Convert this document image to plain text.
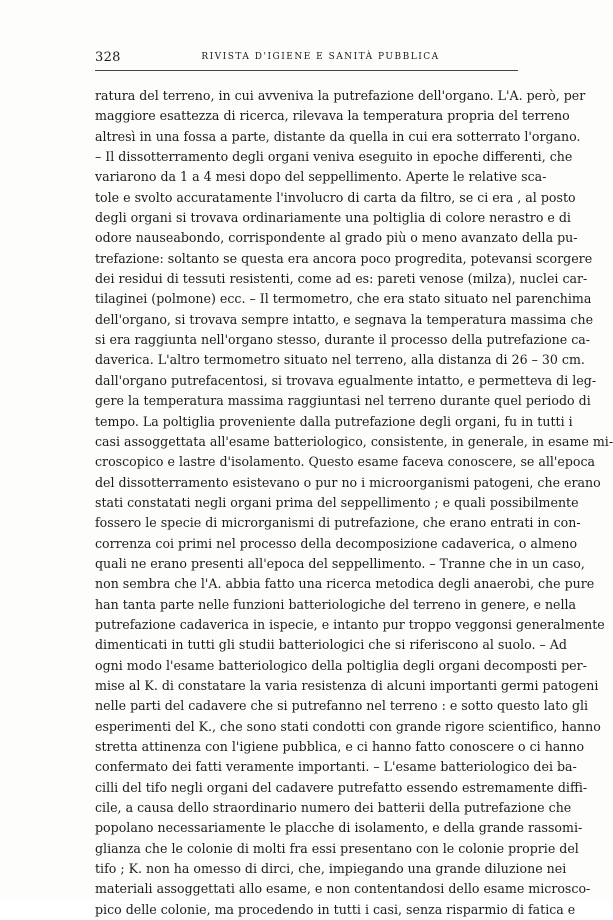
328	RIVISTA D'IGIENE E SANITÀ PUBBLICA
ratura del terreno, in cui avveniva la putrefazione dell'organo. L'A. però, per
maggiore esattezza di ricerca, rilevava la temperatura propria del terreno
altresì in una fossa a parte, distante da quella in cui era sotterrato l'organo.
– Il dissotterramento degli organi veniva eseguito in epoche differenti, che
variarono da 1 a 4 mesi dopo del seppellimento. Aperte le relative sca-
tole e svolto accuratamente l'involucro di carta da filtro, se ci era , al posto
degli organi si trovava ordinariamente una poltiglia di colore nerastro e di
odore nauseabondo, corrispondente al grado più o meno avanzato della pu-
trefazione: soltanto se questa era ancora poco progredita, potevansi scorgere
dei residui di tessuti resistenti, come ad es: pareti venose (milza), nuclei car-
tilaginei (polmone) ecc. – Il termometro, che era stato situato nel parenchima
dell'organo, si trovava sempre intatto, e segnava la temperatura massima che
si era raggiunta nell'organo stesso, durante il processo della putrefazione ca-
daverica. L'altro termometro situato nel terreno, alla distanza di 26 – 30 cm.
dall'organo putrefacentosi, si trovava egualmente intatto, e permetteva di leg-
gere la temperatura massima raggiuntasi nel terreno durante quel periodo di
tempo. La poltiglia proveniente dalla putrefazione degli organi, fu in tutti i
casi assoggettata all'esame batteriologico, consistente, in generale, in esame mi-
croscopico e lastre d'isolamento. Questo esame faceva conoscere, se all'epoca
del dissotterramento esistevano o pur no i microorganismi patogeni, che erano
stati constatati negli organi prima del seppellimento ; e quali possibilmente
fossero le specie di microrganismi di putrefazione, che erano entrati in con-
correnza coi primi nel processo della decomposizione cadaverica, o almeno
quali ne erano presenti all'epoca del seppellimento. – Tranne che in un caso,
non sembra che l'A. abbia fatto una ricerca metodica degli anaerobi, che pure
han tanta parte nelle funzioni batteriologiche del terreno in genere, e nella
putrefazione cadaverica in ispecie, e intanto pur troppo veggonsi generalmente
dimenticati in tutti gli studii batteriologici che si riferiscono al suolo. – Ad
ogni modo l'esame batteriologico della poltiglia degli organi decomposti per-
mise al K. di constatare la varia resistenza di alcuni importanti germi patogeni
nelle parti del cadavere che si putrefanno nel terreno : e sotto questo lato gli
esperimenti del K., che sono stati condotti con grande rigore scientifico, hanno
stretta attinenza con l'igiene pubblica, e ci hanno fatto conoscere o ci hanno
confermato dei fatti veramente importanti. – L'esame batteriologico dei ba-
cilli del tifo negli organi del cadavere putrefatto essendo estremamente diffi-
cile, a causa dello straordinario numero dei batterii della putrefazione che
popolano necessariamente le placche di isolamento, e della grande rassomi-
glianza che le colonie di molti fra essi presentano con le colonie proprie del
tifo ; K. non ha omesso di dirci, che, impiegando una grande diluzione nei
materiali assoggettati allo esame, e non contentandosi dello esame microsco-
pico delle colonie, ma procedendo in tutti i casi, senza risparmio di fatica e
